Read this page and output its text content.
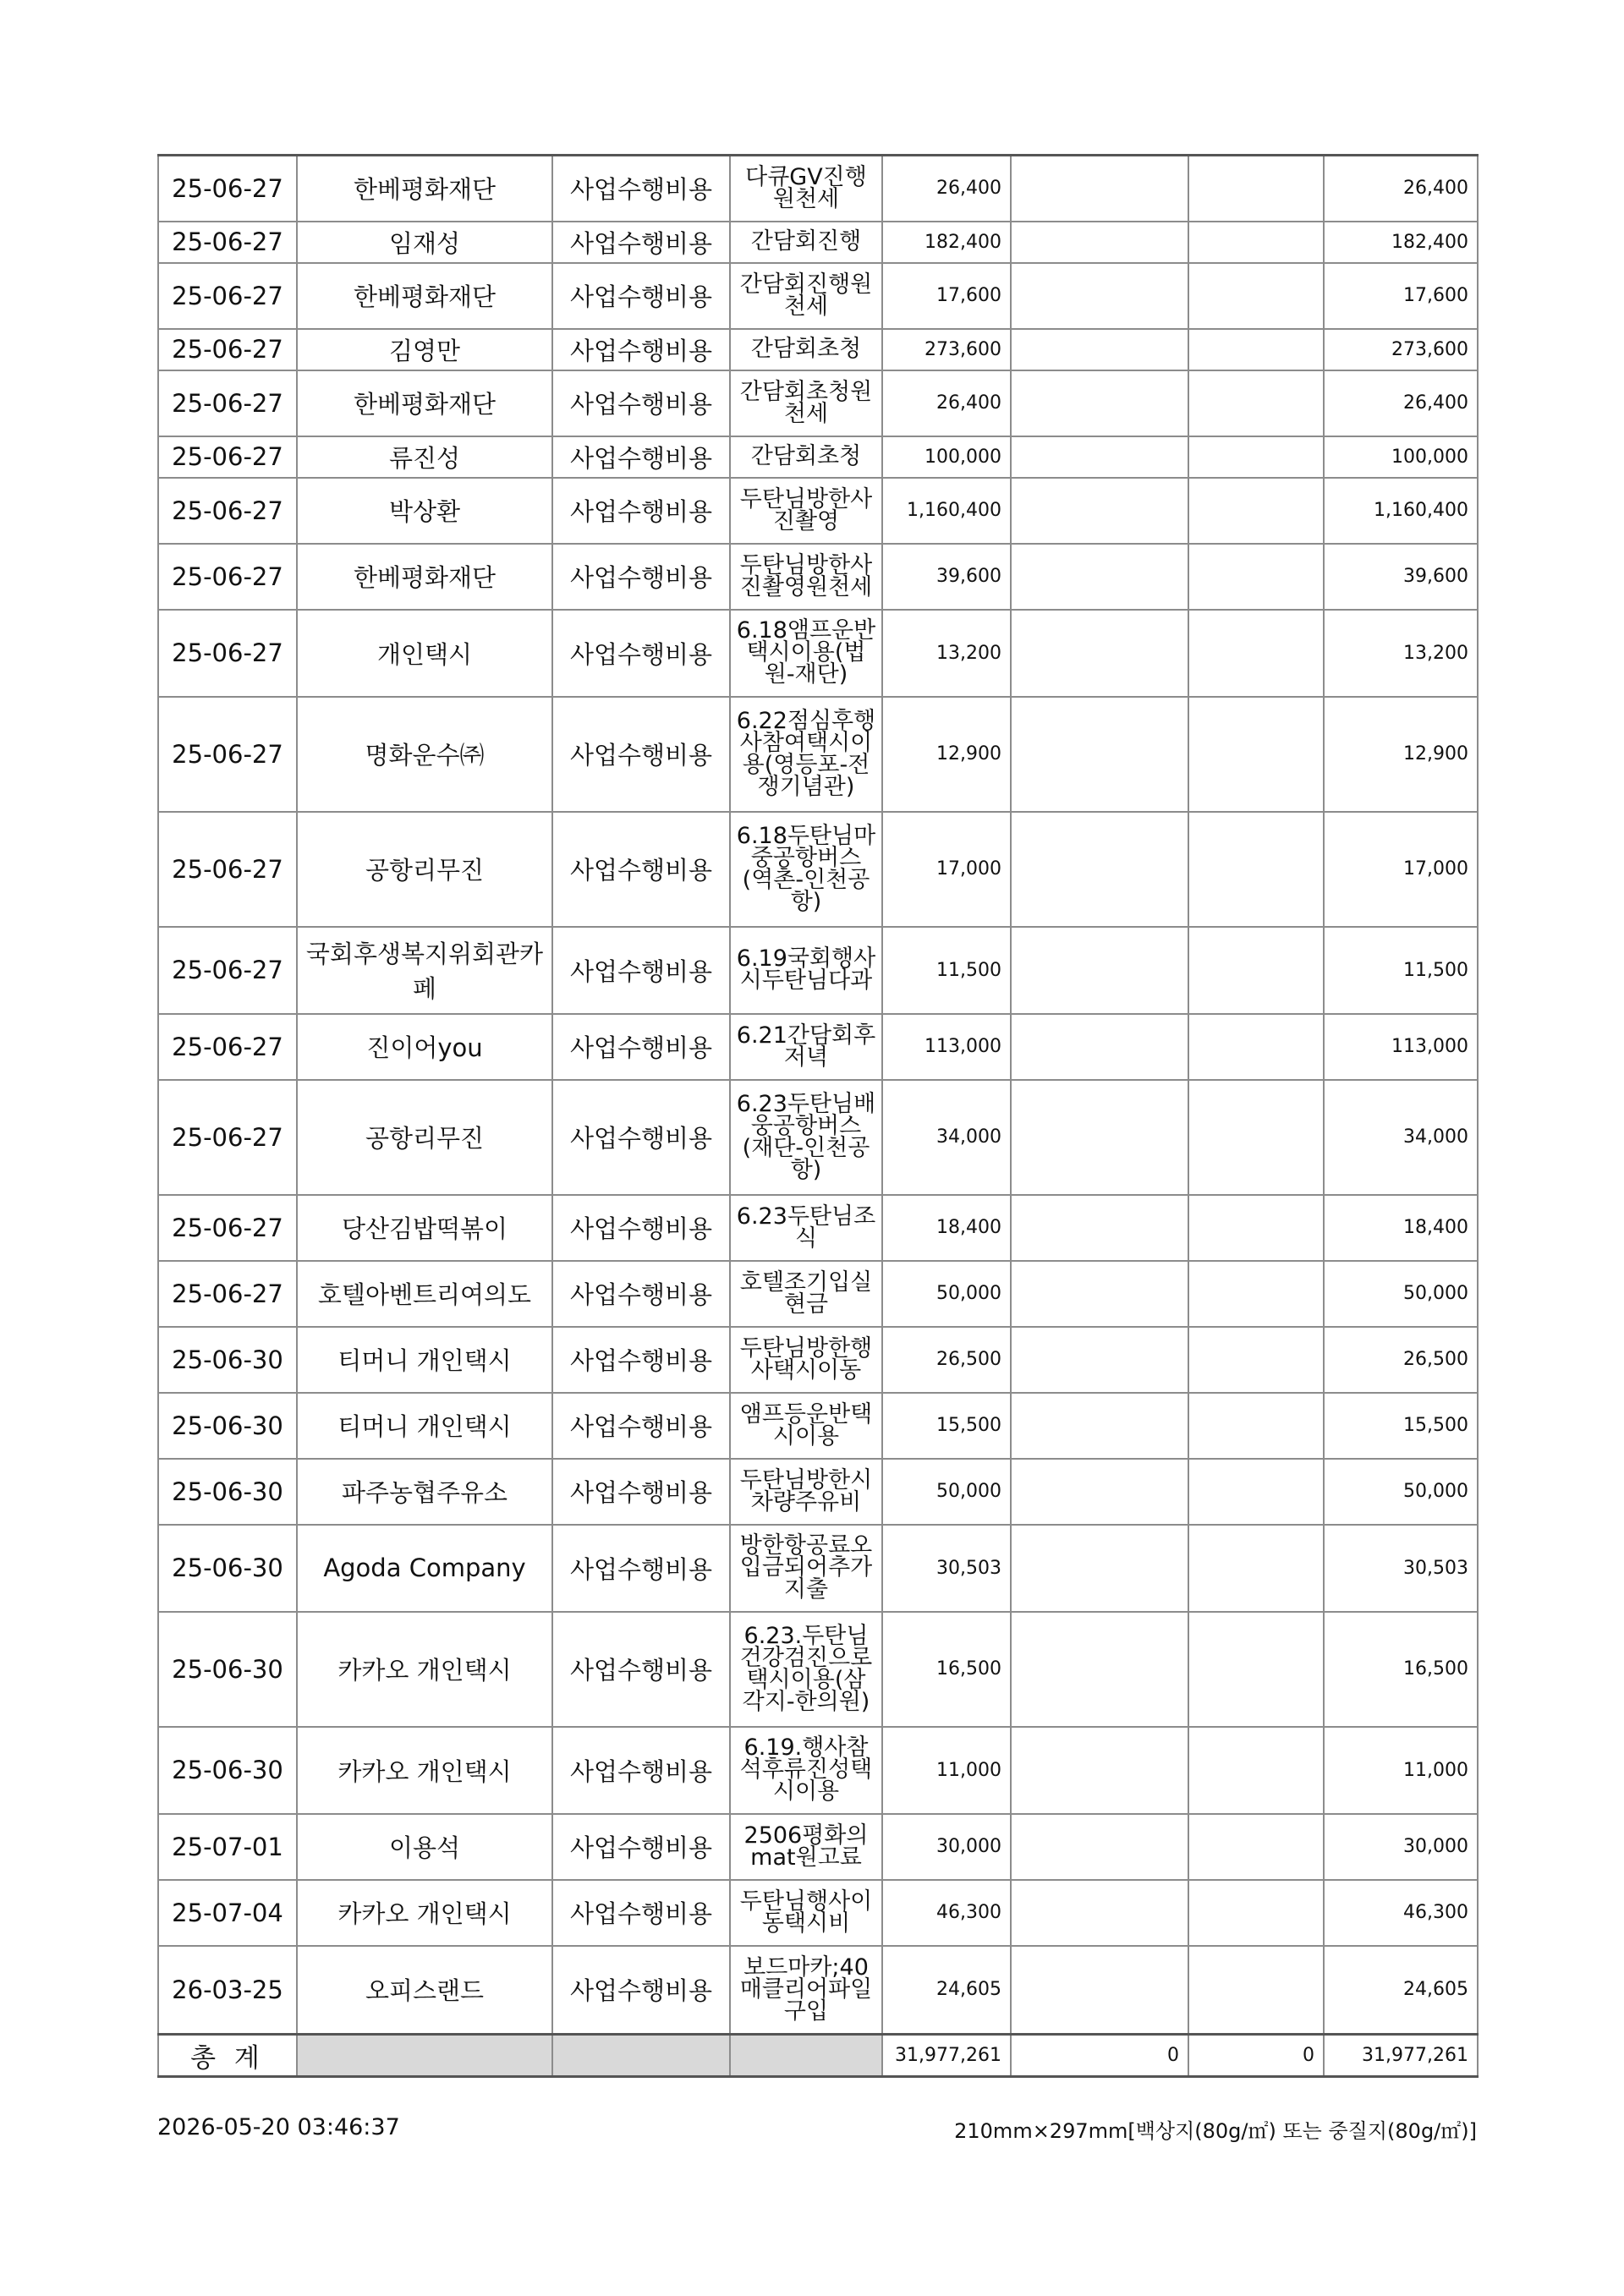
25-06-27	한베평화재단	사업수행비용	다큐GV진행원천세	26,400			26,400
25-06-27	임재성	사업수행비용	간담회진행	182,400			182,400
25-06-27	한베평화재단	사업수행비용	간담회진행원천세	17,600			17,600
25-06-27	김영만	사업수행비용	간담회초청	273,600			273,600
25-06-27	한베평화재단	사업수행비용	간담회초청원천세	26,400			26,400
25-06-27	류진성	사업수행비용	간담회초청	100,000			100,000
25-06-27	박상환	사업수행비용	두탄님방한사진촬영	1,160,400			1,160,400
25-06-27	한베평화재단	사업수행비용	두탄님방한사진촬영원천세	39,600			39,600
25-06-27	개인택시	사업수행비용	6.18앰프운반택시이용(법원-재단)	13,200			13,200
25-06-27	명화운수㈜	사업수행비용	6.22점심후행사참여택시이용(영등포-전쟁기념관)	12,900			12,900
25-06-27	공항리무진	사업수행비용	6.18두탄님마중공항버스(역촌-인천공항)	17,000			17,000
25-06-27	국회후생복지위회관카페	사업수행비용	6.19국회행사시두탄님다과	11,500			11,500
25-06-27	진이어you	사업수행비용	6.21간담회후저녁	113,000			113,000
25-06-27	공항리무진	사업수행비용	6.23두탄님배웅공항버스(재단-인천공항)	34,000			34,000
25-06-27	당산김밥떡볶이	사업수행비용	6.23두탄님조식	18,400			18,400
25-06-27	호텔아벤트리여의도	사업수행비용	호텔조기입실현금	50,000			50,000
25-06-30	티머니 개인택시	사업수행비용	두탄님방한행사택시이동	26,500			26,500
25-06-30	티머니 개인택시	사업수행비용	앰프등운반택시이용	15,500			15,500
25-06-30	파주농협주유소	사업수행비용	두탄님방한시차량주유비	50,000			50,000
25-06-30	Agoda Company	사업수행비용	방한항공료오입금되어추가지출	30,503			30,503
25-06-30	카카오 개인택시	사업수행비용	6.23.두탄님건강검진으로택시이용(삼각지-한의원)	16,500			16,500
25-06-30	카카오 개인택시	사업수행비용	6.19.행사참석후류진성택시이용	11,000			11,000
25-07-01	이용석	사업수행비용	2506평화의mat원고료	30,000			30,000
25-07-04	카카오 개인택시	사업수행비용	두탄님행사이동택시비	46,300			46,300
26-03-25	오피스랜드	사업수행비용	보드마카;40매클리어파일구입	24,605			24,605
총 계				31,977,261	0	0	31,977,261
2026-05-20 03:46:37	210mm×297mm[백상지(80g/㎡) 또는 중질지(80g/㎡)]
